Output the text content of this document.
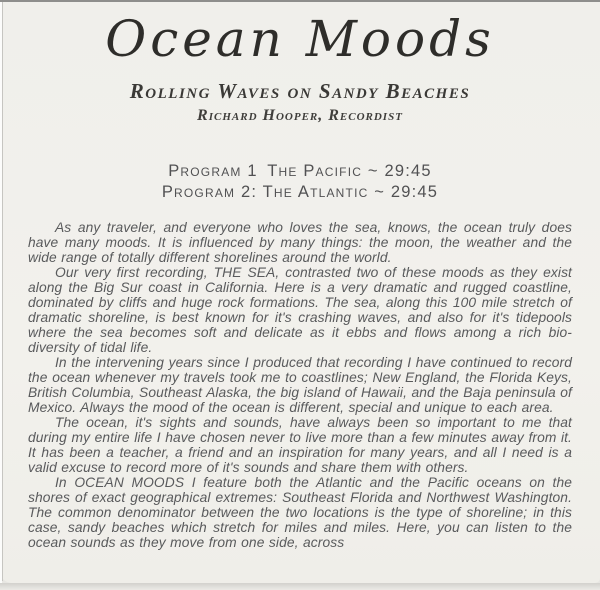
Ocean Moods
Rolling Waves on Sandy Beaches
Richard Hooper, Recordist
Program 1 The Pacific ~ 29:45
Program 2: The Atlantic ~ 29:45

As any traveler, and everyone who loves the sea, knows, the ocean truly does have many moods. It is influenced by many things: the moon, the weather and the wide range of totally different shorelines around the world.

Our very first recording, THE SEA, contrasted two of these moods as they exist along the Big Sur coast in California. Here is a very dramatic and rugged coastline, dominated by cliffs and huge rock formations. The sea, along this 100 mile stretch of dramatic shoreline, is best known for it's crashing waves, and also for it's tidepools where the sea becomes soft and delicate as it ebbs and flows among a rich bio-diversity of tidal life.

In the intervening years since I produced that recording I have continued to record the ocean whenever my travels took me to coastlines; New England, the Florida Keys, British Columbia, Southeast Alaska, the big island of Hawaii, and the Baja peninsula of Mexico. Always the mood of the ocean is different, special and unique to each area.

The ocean, it's sights and sounds, have always been so important to me that during my entire life I have chosen never to live more than a few minutes away from it. It has been a teacher, a friend and an inspiration for many years, and all I need is a valid excuse to record more of it's sounds and share them with others.

In OCEAN MOODS I feature both the Atlantic and the Pacific oceans on the shores of exact geographical extremes: Southeast Florida and Northwest Washington. The common denominator between the two locations is the type of shoreline; in this case, sandy beaches which stretch for miles and miles. Here, you can listen to the ocean sounds as they move from one side, across
